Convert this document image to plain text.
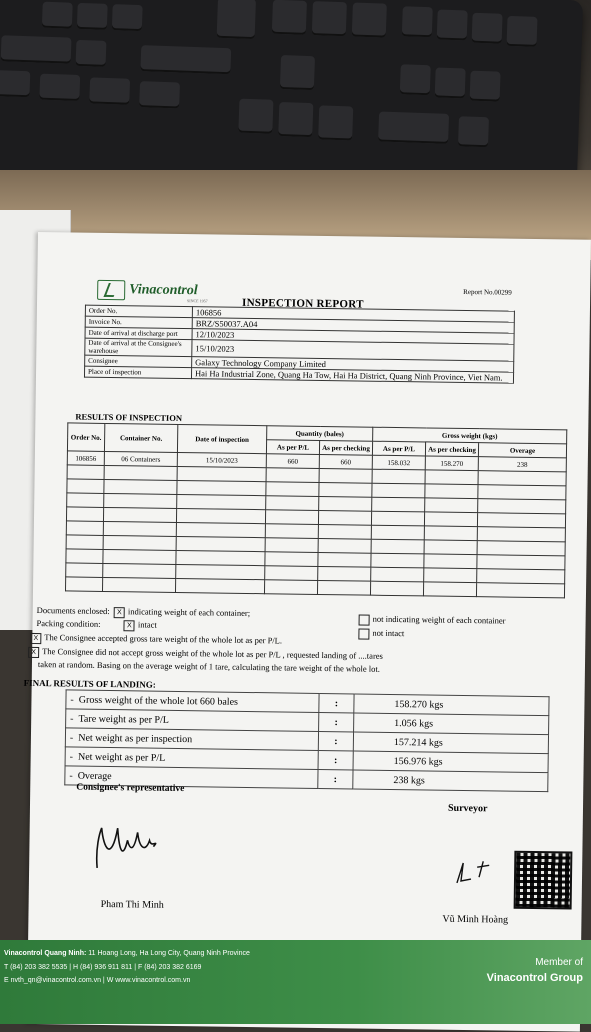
Vinacontrol
SINCE 1957
Report No.00299
INSPECTION REPORT
Order No.	106856
Invoice No.	BRZ/S50037.A04
Date of arrival at discharge port	12/10/2023
Date of arrival at the Consignee's warehouse	15/10/2023
Consignee	Galaxy Technology Company Limited
Place of inspection	Hai Ha Industrial Zone, Quang Ha Tow, Hai Ha District, Quang Ninh Province, Viet Nam.
RESULTS OF INSPECTION
Order No.	Container No.	Date of inspection	Quantity (bales)		Gross weight (kgs)		
			As per P/L	As per checking	As per P/L	As per checking	Overage
106856	06 Containers	15/10/2023	660	660	158.032	158.270	238

Documents enclosed: X indicating weight of each container;
not indicating weight of each container
Packing condition:	X intact
not intact
X The Consignee accepted gross tare weight of the whole lot as per P/L.
X The Consignee did not accept gross weight of the whole lot as per P/L , requested landing of ....tares
taken at random. Basing on the average weight of 1 tare, calculating the tare weight of the whole lot.
FINAL RESULTS OF LANDING:
-  Gross weight of the whole lot 660 bales	:	158.270 kgs
-  Tare weight as per P/L	:	1.056 kgs
-  Net weight as per inspection	:	157.214 kgs
-  Net weight as per P/L	:	156.976 kgs
-  Overage	:	238 kgs
Consignee's representative
Surveyor
Pham Thi Minh
Vũ Minh Hoàng
Vinacontrol Quang Ninh: 11 Hoang Long, Ha Long City, Quang Ninh Province
T (84) 203 382 5535 | H (84) 936 911 811 | F (84) 203 382 6169
E nvth_qn@vinacontrol.com.vn | W www.vinacontrol.com.vn
Member of
Vinacontrol Group
